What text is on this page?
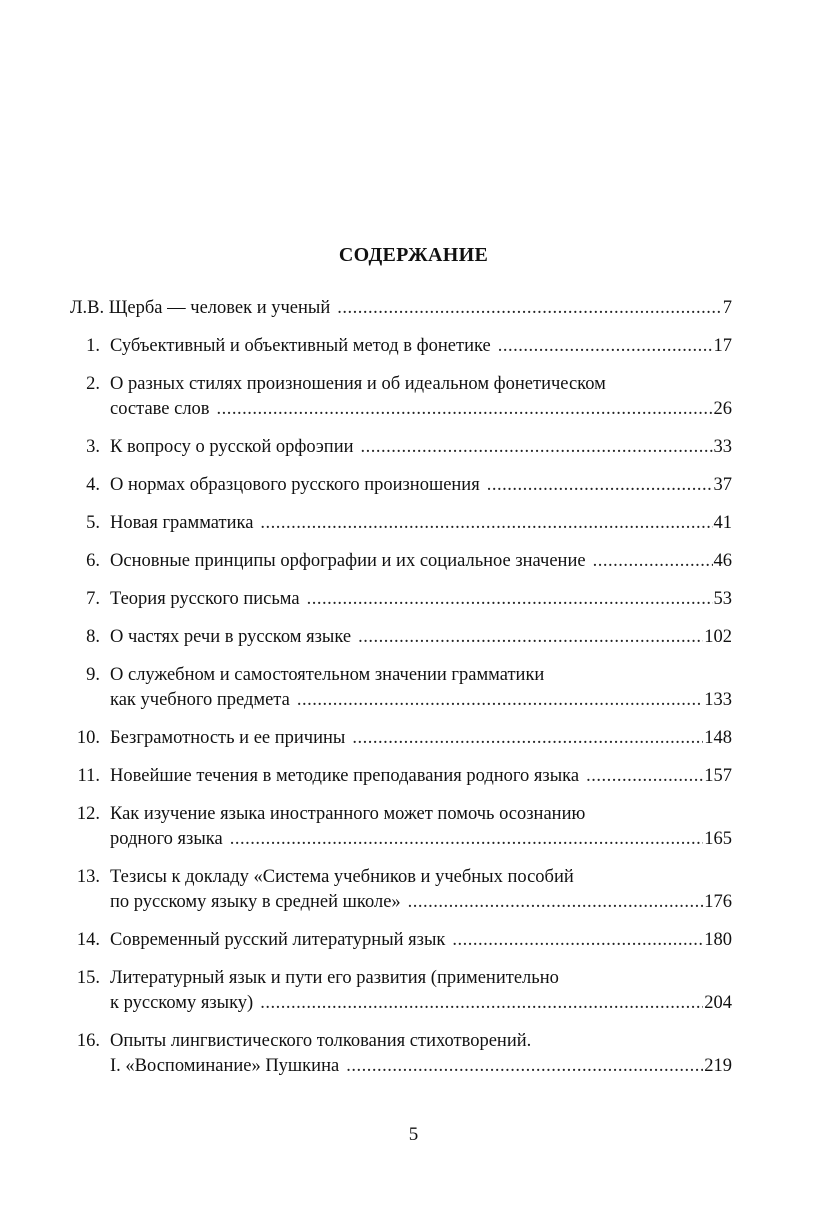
СОДЕРЖАНИЕ
Л.В. Щерба — человек и ученый .....	7
1. Субъективный и объективный метод в фонетике .....	17
2. О разных стилях произношения и об идеальном фонетическом
составе слов .....	26
3. К вопросу о русской орфоэпии .....	33
4. О нормах образцового русского произношения .....	37
5. Новая грамматика .....	41
6. Основные принципы орфографии и их социальное значение .....	46
7. Теория русского письма .....	53
8. О частях речи в русском языке .....	102
9. О служебном и самостоятельном значении грамматики
как учебного предмета .....	133
10. Безграмотность и ее причины .....	148
11. Новейшие течения в методике преподавания родного языка .....	157
12. Как изучение языка иностранного может помочь осознанию
родного языка .....	165
13. Тезисы к докладу «Система учебников и учебных пособий
по русскому языку в средней школе» .....	176
14. Современный русский литературный язык .....	180
15. Литературный язык и пути его развития (применительно
к русскому языку) .....	204
16. Опыты лингвистического толкования стихотворений.
I. «Воспоминание» Пушкина .....	219
5
